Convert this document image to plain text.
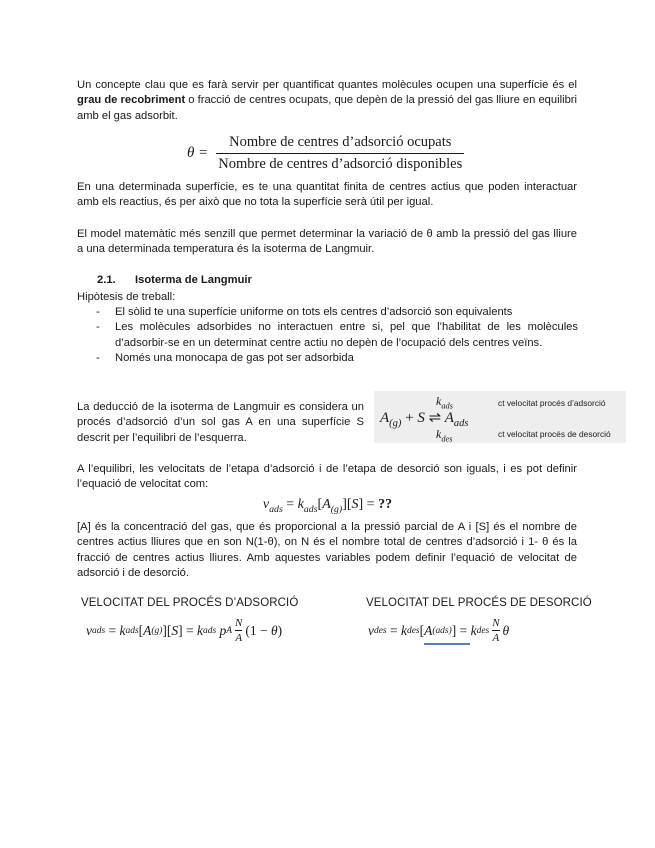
Un concepte clau que es farà servir per quantificat quantes molècules ocupen una superfície és el grau de recobriment o fracció de centres ocupats, que depèn de la pressió del gas lliure en equilibri amb el gas adsorbit.

$\theta = \frac{\text{Nombre de centres d’adsorció ocupats}}{\text{Nombre de centres d’adsorció disponibles}}$

En una determinada superfície, es te una quantitat finita de centres actius que poden interactuar amb els reactius, és per això que no tota la superfície serà útil per igual.

El model matemàtic més senzill que permet determinar la variació de θ amb la pressió del gas lliure a una determinada temperatura és la isoterma de Langmuir.

2.1. Isoterma de Langmuir

Hipòtesis de treball:

- El sòlid te una superfície uniforme on tots els centres d’adsorció son equivalents
- Les molècules adsorbides no interactuen entre si, pel que l’habilitat de les molècules d’adsorbir-se en un determinat centre actiu no depèn de l’ocupació dels centres veïns.
- Només una monocapa de gas pot ser adsorbida

La deducció de la isoterma de Langmuir es considera un procés d’adsorció d’un sol gas A en una superfície S descrit per l’equilibri de l’esquerra.

$k_{ads}$
$A_{(g)} + S$ ⇌ $A_{ads}$
$k_{des}$
ct velocitat procés d’adsorció
ct velocitat procés de desorció

A l’equilibri, les velocitats de l’etapa d’adsorció i de l’etapa de desorció son iguals, i es pot definir l’equació de velocitat com:

$v_{ads} = k_{ads}[A_{(g)}][S]$ = ??

[A] és la concentració del gas, que és proporcional a la pressió parcial de A i [S] és el nombre de centres actius lliures que en son N(1-θ), on N és el nombre total de centres d’adsorció i 1- θ és la fracció de centres actius lliures. Amb aquestes variables podem definir l’equació de velocitat de adsorció i de desorció.

VELOCITAT DEL PROCÉS D’ADSORCIÓ	VELOCITAT DEL PROCÉS DE DESORCIÓ
v ads
= k ads [ A (g) ][ S ]
= k ads p A
N
A
(1 − θ )	v des
= k des [ A (ads) ]
= k des
N
A
θ
